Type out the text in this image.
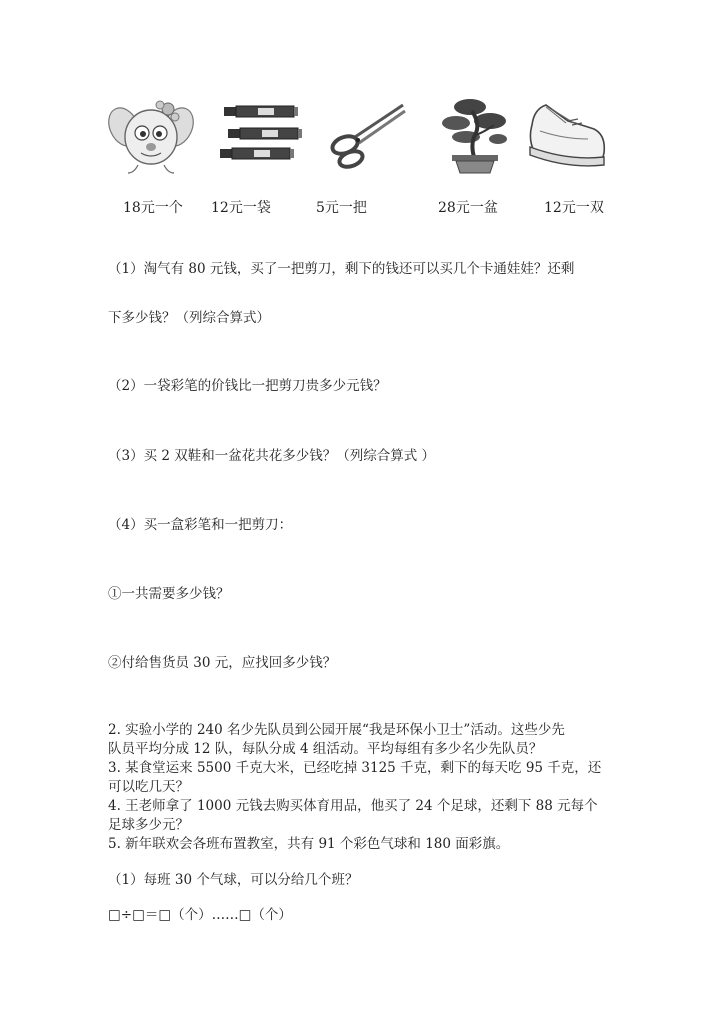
18元一个 12元一袋	5元一把	28元一盆	12元一双
（1）淘气有 80 元钱，买了一把剪刀，剩下的钱还可以买几个卡通娃娃？还剩
下多少钱？（列综合算式）
（2）一袋彩笔的价钱比一把剪刀贵多少元钱？
（3）买 2 双鞋和一盆花共花多少钱？（列综合算式 ）
（4）买一盒彩笔和一把剪刀：
①一共需要多少钱？
②付给售货员 30 元，应找回多少钱？
2. 实验小学的 240 名少先队员到公园开展“我是环保小卫士”活动。这些少先
队员平均分成 12 队，每队分成 4 组活动。平均每组有多少名少先队员？
3. 某食堂运来 5500 千克大米，已经吃掉 3125 千克，剩下的每天吃 95 千克，还
可以吃几天？
4. 王老师拿了 1000 元钱去购买体育用品，他买了 24 个足球，还剩下 88 元每个
足球多少元？
5. 新年联欢会各班布置教室，共有 91 个彩色气球和 180 面彩旗。
（1）每班 30 个气球，可以分给几个班？
□÷□＝□（个）……□（个）
